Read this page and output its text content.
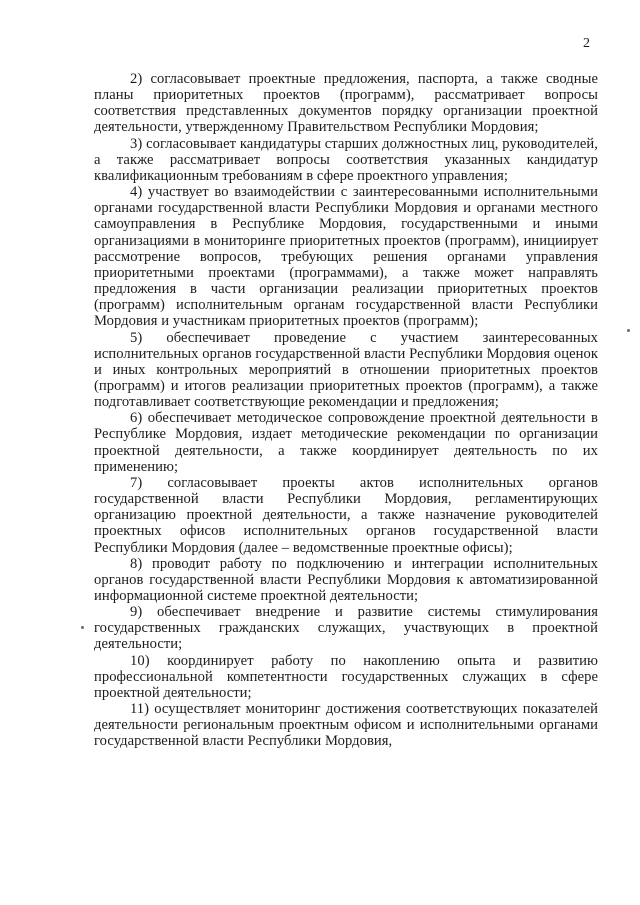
2

2) согласовывает проектные предложения, паспорта, а также сводные планы приоритетных проектов (программ), рассматривает вопросы соответствия представленных документов порядку организации проектной деятельности, утвержденному Правительством Республики Мордовия;

3) согласовывает кандидатуры старших должностных лиц, руководителей, а также рассматривает вопросы соответствия указанных кандидатур квалификационным требованиям в сфере проектного управления;

4) участвует во взаимодействии с заинтересованными исполнительными органами государственной власти Республики Мордовия и органами местного самоуправления в Республике Мордовия, государственными и иными организациями в мониторинге приоритетных проектов (программ), инициирует рассмотрение вопросов, требующих решения органами управления приоритетными проектами (программами), а также может направлять предложения в части организации реализации приоритетных проектов (программ) исполнительным органам государственной власти Республики Мордовия и участникам приоритетных проектов (программ);

5) обеспечивает проведение с участием заинтересованных исполнительных органов государственной власти Республики Мордовия оценок и иных контрольных мероприятий в отношении приоритетных проектов (программ) и итогов реализации приоритетных проектов (программ), а также подготавливает соответствующие рекомендации и предложения;

6) обеспечивает методическое сопровождение проектной деятельности в Республике Мордовия, издает методические рекомендации по организации проектной деятельности, а также координирует деятельность по их применению;

7) согласовывает проекты актов исполнительных органов государственной власти Республики Мордовия, регламентирующих организацию проектной деятельности, а также назначение руководителей проектных офисов исполнительных органов государственной власти Республики Мордовия (далее – ведомственные проектные офисы);

8) проводит работу по подключению и интеграции исполнительных органов государственной власти Республики Мордовия к автоматизированной информационной системе проектной деятельности;

9) обеспечивает внедрение и развитие системы стимулирования государственных гражданских служащих, участвующих в проектной деятельности;

10) координирует работу по накоплению опыта и развитию профессиональной компетентности государственных служащих в сфере проектной деятельности;

11) осуществляет мониторинг достижения соответствующих показателей деятельности региональным проектным офисом и исполнительными органами государственной власти Республики Мордовия,
